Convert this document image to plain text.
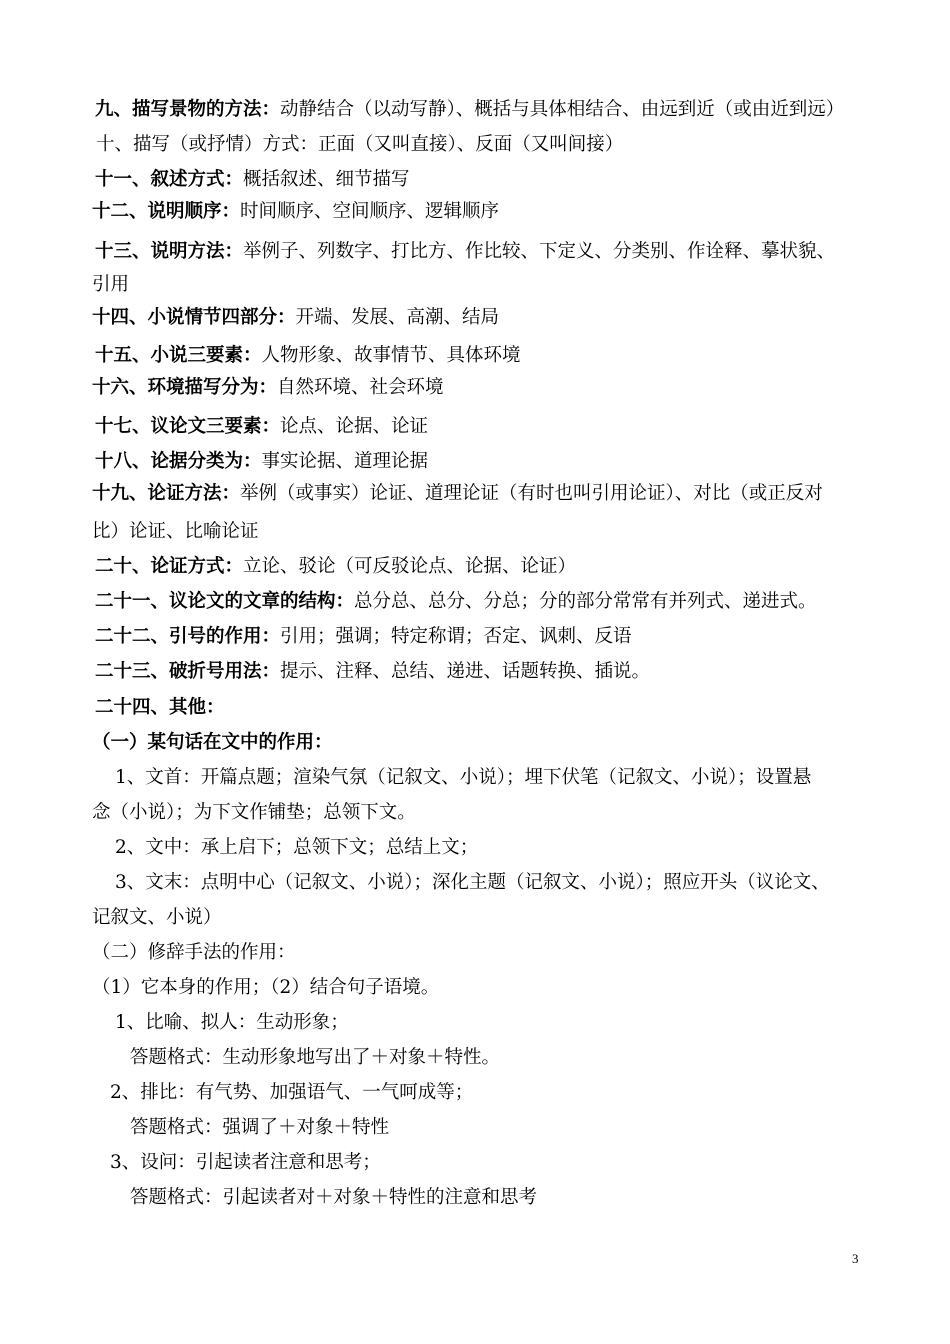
九、描写景物的方法：动静结合（以动写静）、概括与具体相结合、由远到近（或由近到远）
十、描写（或抒情）方式：正面（又叫直接）、反面（又叫间接）
十一、叙述方式：概括叙述、细节描写
十二、说明顺序：时间顺序、空间顺序、逻辑顺序
十三、说明方法：举例子、列数字、打比方、作比较、下定义、分类别、作诠释、摹状貌、
引用
十四、小说情节四部分：开端、发展、高潮、结局
十五、小说三要素：人物形象、故事情节、具体环境
十六、环境描写分为：自然环境、社会环境
十七、议论文三要素：论点、论据、论证
十八、论据分类为：事实论据、道理论据
十九、论证方法：举例（或事实）论证、道理论证（有时也叫引用论证）、对比（或正反对
比）论证、比喻论证
二十、论证方式：立论、驳论（可反驳论点、论据、论证）
二十一、议论文的文章的结构：总分总、总分、分总；分的部分常常有并列式、递进式。
二十二、引号的作用：引用；强调；特定称谓；否定、讽刺、反语
二十三、破折号用法：提示、注释、总结、递进、话题转换、插说。
二十四、其他：
（一）某句话在文中的作用：
1、文首：开篇点题；渲染气氛（记叙文、小说）；埋下伏笔（记叙文、小说）；设置悬
念（小说）；为下文作铺垫；总领下文。
2、文中：承上启下；总领下文；总结上文；
3、文末：点明中心（记叙文、小说）；深化主题（记叙文、小说）；照应开头（议论文、
记叙文、小说）
（二）修辞手法的作用：
（1）它本身的作用；（2）结合句子语境。
1、比喻、拟人：生动形象；
答题格式：生动形象地写出了＋对象＋特性。
2、排比：有气势、加强语气、一气呵成等；
答题格式：强调了＋对象＋特性
3、设问：引起读者注意和思考；
答题格式：引起读者对＋对象＋特性的注意和思考
3
